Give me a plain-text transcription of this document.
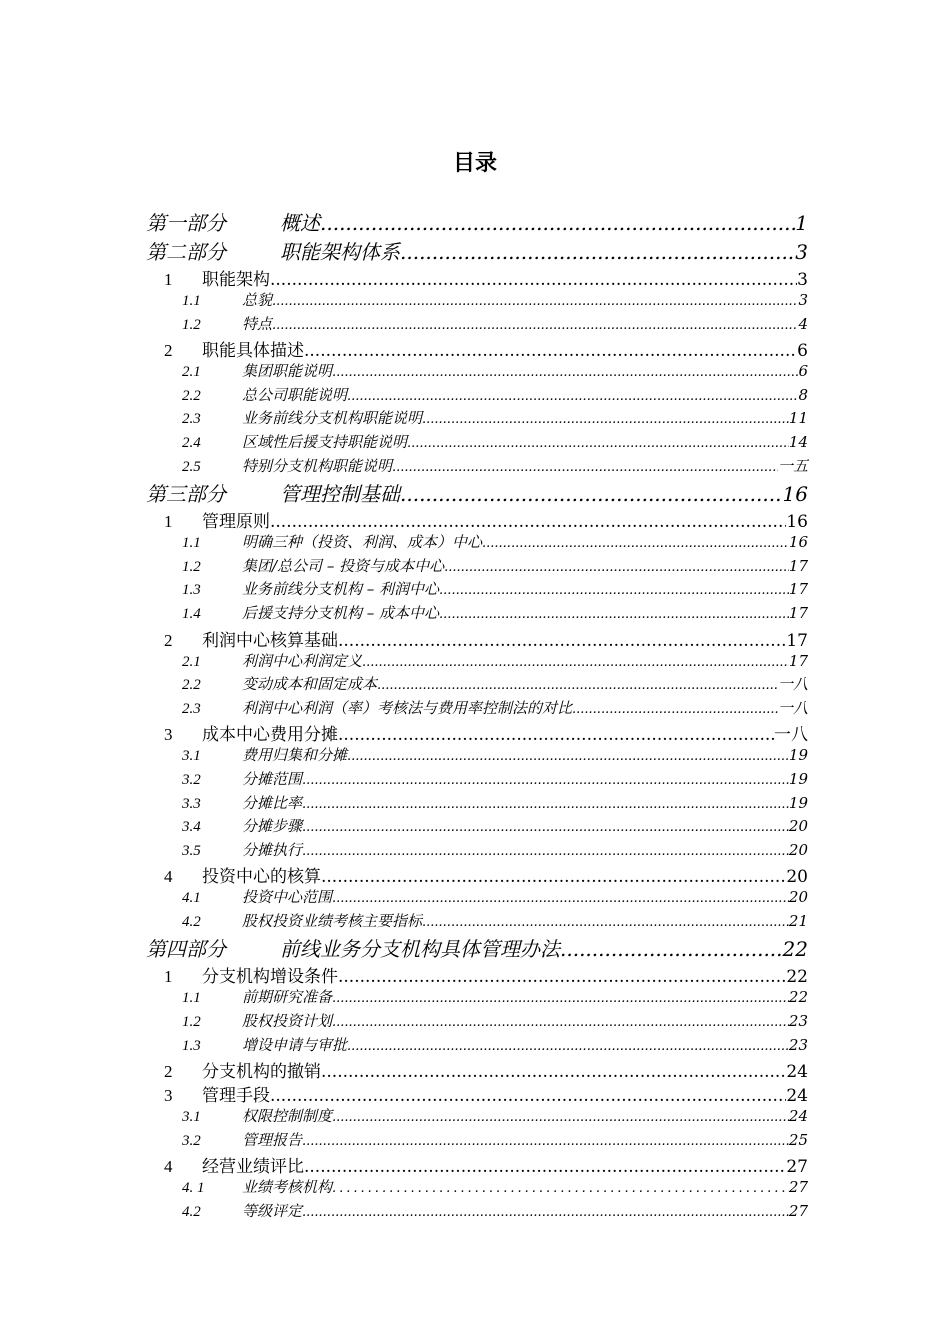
目录
第一部分	概述 .....	1
第二部分	职能架构体系 .....	3
1	职能架构 .....	3
1.1	总貌 .....	3
1.2	特点 .....	4
2	职能具体描述 .....	6
2.1	集团职能说明 .....	6
2.2	总公司职能说明 .....	8
2.3	业务前线分支机构职能说明 .....	11
2.4	区域性后援支持职能说明 .....	14
2.5	特别分支机构职能说明 .....	一五
第三部分	管理控制基础 .....	16
1	管理原则 .....	16
1.1	明确三种（投资、利润、成本）中心 .....	16
1.2	集团/总公司 – 投资与成本中心 .....	17
1.3	业务前线分支机构 – 利润中心 .....	17
1.4	后援支持分支机构 – 成本中心 .....	17
2	利润中心核算基础 .....	17
2.1	利润中心利润定义 .....	17
2.2	变动成本和固定成本 .....	一八
2.3	利润中心利润（率）考核法与费用率控制法的对比 .....	一八
3	成本中心费用分摊 .....	一八
3.1	费用归集和分摊 .....	19
3.2	分摊范围 .....	19
3.3	分摊比率 .....	19
3.4	分摊步骤 .....	20
3.5	分摊执行 .....	20
4	投资中心的核算 .....	20
4.1	投资中心范围 .....	20
4.2	股权投资业绩考核主要指标 .....	21
第四部分	前线业务分支机构具体管理办法 .....	22
1	分支机构增设条件 .....	22
1.1	前期研究准备 .....	22
1.2	股权投资计划 .....	23
1.3	增设申请与审批 .....	23
2	分支机构的撤销 .....	24
3	管理手段 .....	24
3.1	权限控制制度 .....	24
3.2	管理报告 .....	25
4	经营业绩评比 .....	27
4. 1	业绩考核机构 .....	27
4.2	等级评定 .....	27
